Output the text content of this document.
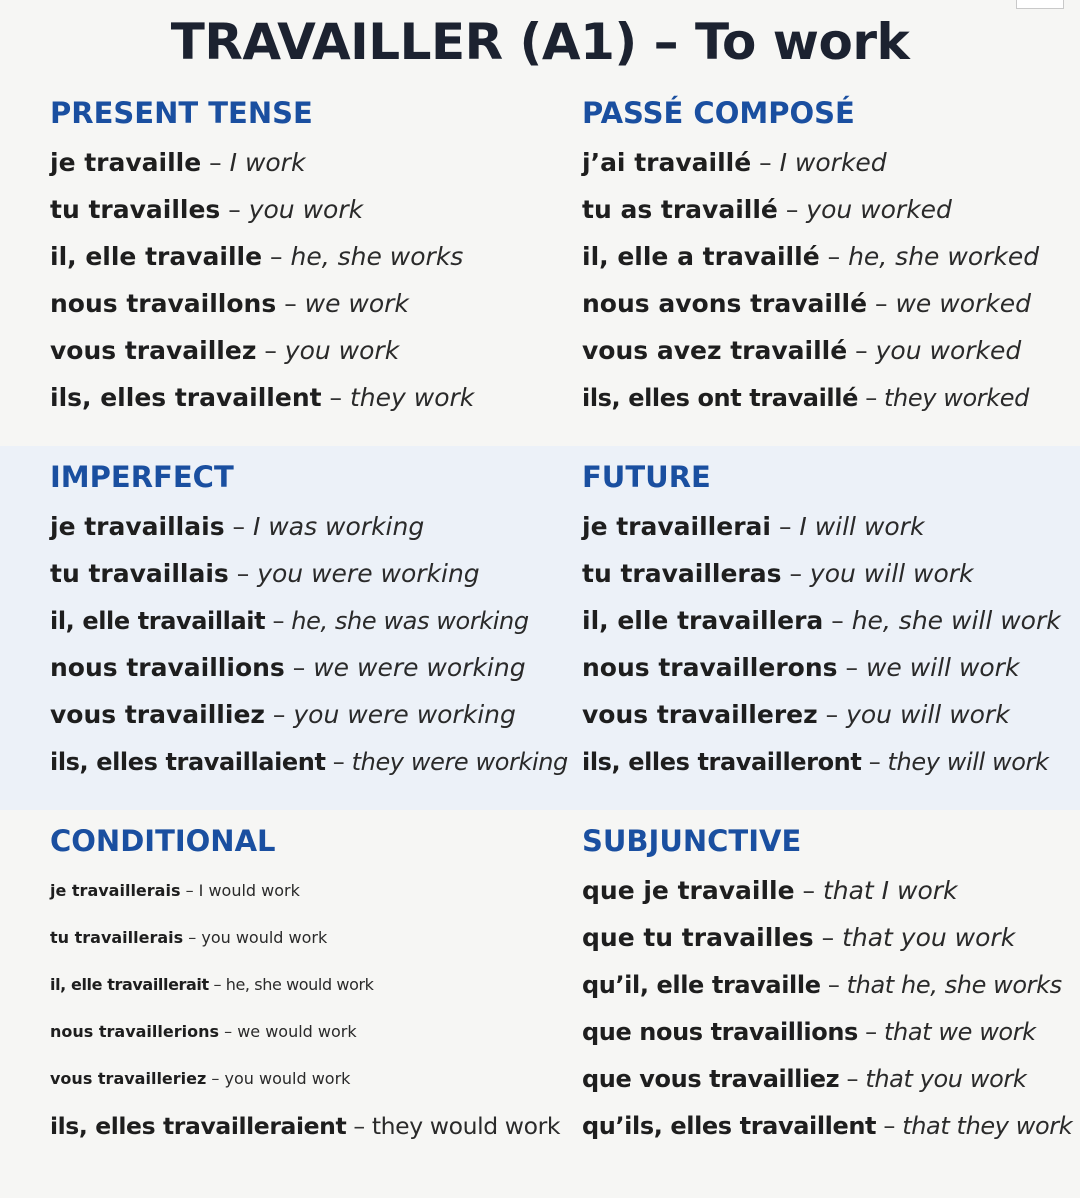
TRAVAILLER (A1) – To work
PRESENT TENSE
je travaille – I work
tu travailles – you work
il, elle travaille – he, she works
nous travaillons – we work
vous travaillez – you work
ils, elles travaillent – they work
PASSÉ COMPOSÉ
j’ai travaillé – I worked
tu as travaillé – you worked
il, elle a travaillé – he, she worked
nous avons travaillé – we worked
vous avez travaillé – you worked
ils, elles ont travaillé – they worked
IMPERFECT
je travaillais – I was working
tu travaillais – you were working
il, elle travaillait – he, she was working
nous travaillions – we were working
vous travailliez – you were working
ils, elles travaillaient – they were working
FUTURE
je travaillerai – I will work
tu travailleras – you will work
il, elle travaillera – he, she will work
nous travaillerons – we will work
vous travaillerez – you will work
ils, elles travailleront – they will work
CONDITIONAL
je travaillerais – I would work
tu travaillerais – you would work
il, elle travaillerait – he, she would work
nous travaillerions – we would work
vous travailleriez – you would work
ils, elles travailleraient – they would work
SUBJUNCTIVE
que je travaille – that I work
que tu travailles – that you work
qu’il, elle travaille – that he, she works
que nous travaillions – that we work
que vous travailliez – that you work
qu’ils, elles travaillent – that they work
